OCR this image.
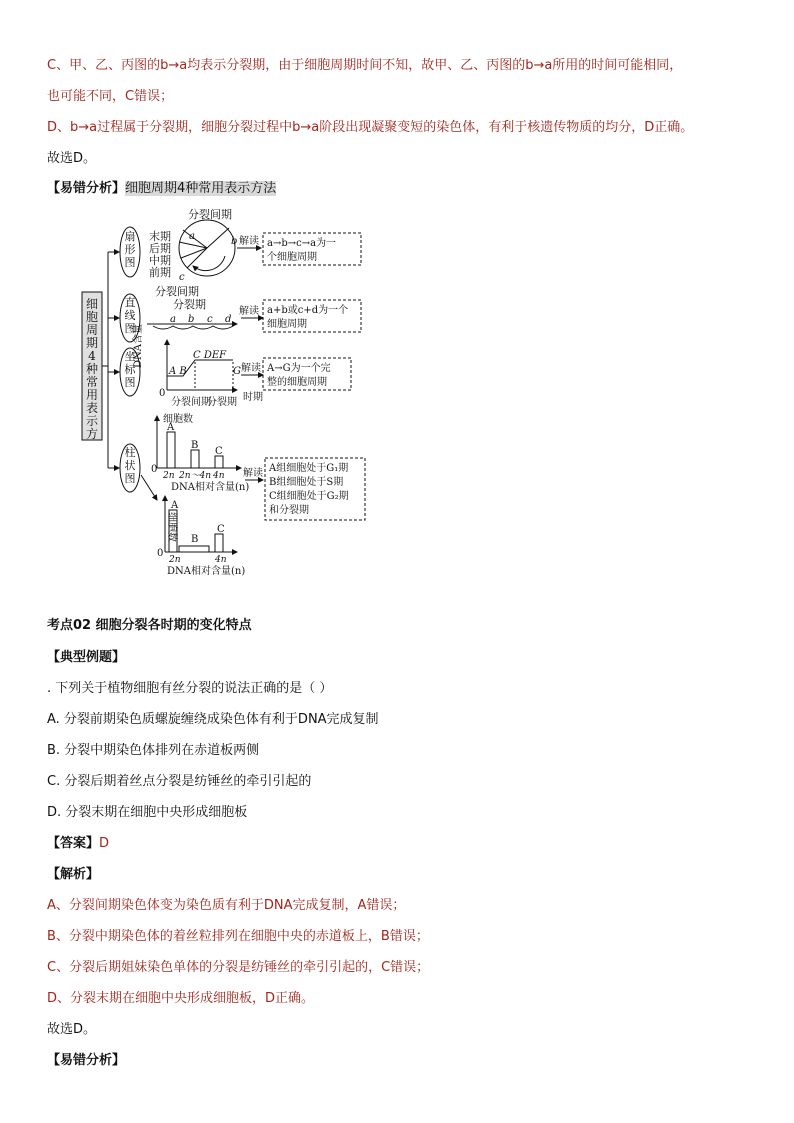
C、甲、乙、丙图的b→a均表示分裂期，由于细胞周期时间不知，故甲、乙、丙图的b→a所用的时间可能相同，
也可能不同，C错误；
D、b→a过程属于分裂期，细胞分裂过程中b→a阶段出现凝聚变短的染色体，有利于核遗传物质的均分，D正确。
故选D。
【易错分析】细胞周期4种常用表示方法
细胞周期 4 种常用表示方
扇形图
直线图
坐标图
柱状图
分裂间期
末期
后期
中期
前期
a	b
c
解读 a→b→c→a为一
个细胞周期
分裂间期
分裂期
a b c d
解读 a+b或c+d为一个
细胞周期
DNA含量	C DEF
A B	G
0
分裂间期
分裂期 时期
解读 A→G为一个完
整的细胞周期
细胞数
A
B
C
0
2n 2n～4n 4n
DNA相对含量(n)
解读 A组细胞处于G₁期
B组细胞处于S期
C组细胞处于G₂期
和分裂期
细胞数
A
B
C
0
2n	4n
DNA相对含量(n)
考点02 细胞分裂各时期的变化特点
【典型例题】
. 下列关于植物细胞有丝分裂的说法正确的是（ ）
A. 分裂前期染色质螺旋缠绕成染色体有利于DNA完成复制
B. 分裂中期染色体排列在赤道板两侧
C. 分裂后期着丝点分裂是纺锤丝的牵引引起的
D. 分裂末期在细胞中央形成细胞板
【答案】D
【解析】
A、分裂间期染色体变为染色质有利于DNA完成复制，A错误；
B、分裂中期染色体的着丝粒排列在细胞中央的赤道板上，B错误；
C、分裂后期姐妹染色单体的分裂是纺锤丝的牵引引起的，C错误；
D、分裂末期在细胞中央形成细胞板，D正确。
故选D。
【易错分析】
